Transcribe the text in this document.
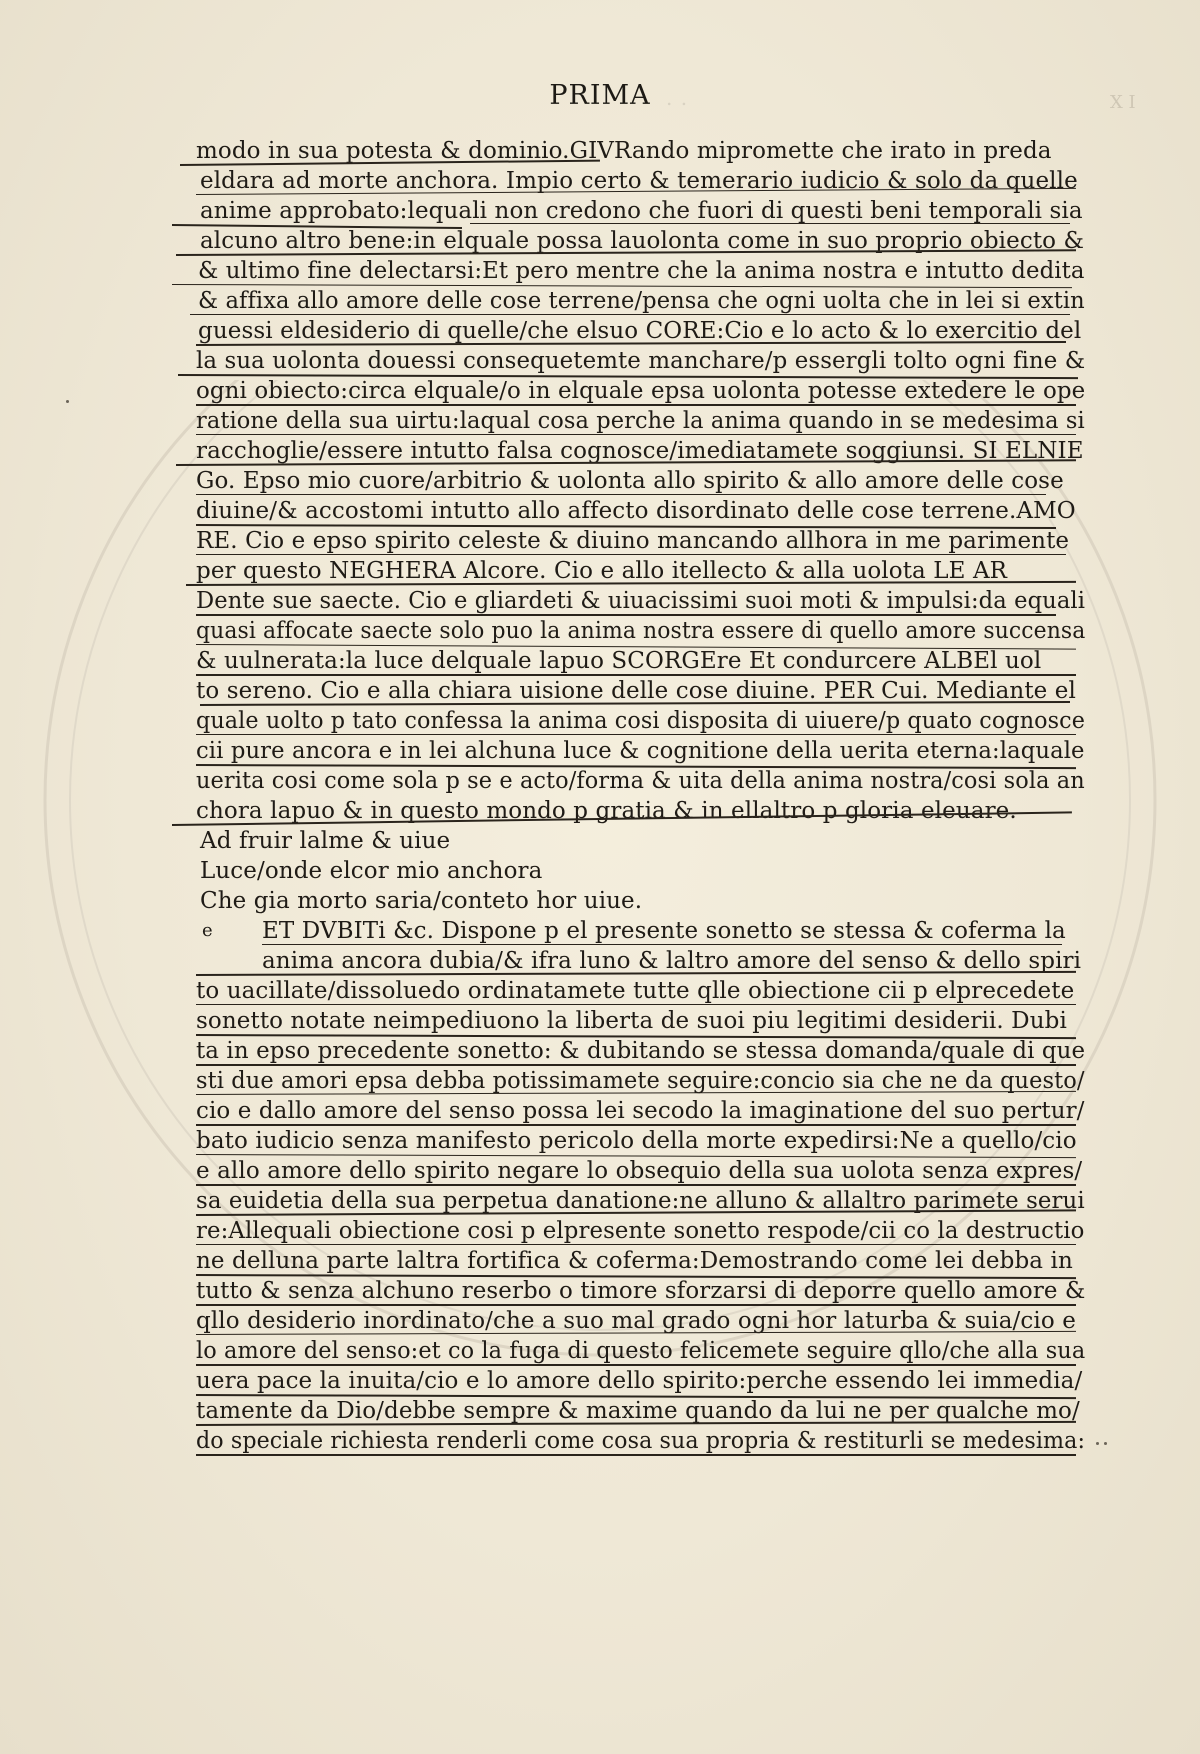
PRIMA . .	X I
modo in sua potesta & dominio.GIVRando mipromette che irato in preda
eldara ad morte anchora. Impio certo & temerario iudicio & solo da quelle
anime approbato:lequali non credono che fuori di questi beni temporali sia
alcuno altro bene:in elquale possa lauolonta come in suo proprio obiecto &
& ultimo fine delectarsi:Et pero mentre che la anima nostra e intutto dedita
& affixa allo amore delle cose terrene/pensa che ogni uolta che in lei si extin
guessi eldesiderio di quelle/che elsuo CORE:Cio e lo acto & lo exercitio del
la sua uolonta douessi consequetemte manchare/p essergli tolto ogni fine &
ogni obiecto:circa elquale/o in elquale epsa uolonta potesse extedere le ope
ratione della sua uirtu:laqual cosa perche la anima quando in se medesima si
racchoglie/essere intutto falsa cognosce/imediatamete soggiunsi. SI ELNIE
Go. Epso mio cuore/arbitrio & uolonta allo spirito & allo amore delle cose
diuine/& accostomi intutto allo affecto disordinato delle cose terrene.AMO
RE. Cio e epso spirito celeste & diuino mancando allhora in me parimente
per questo NEGHERA Alcore. Cio e allo itellecto & alla uolota LE AR
Dente sue saecte. Cio e gliardeti & uiuacissimi suoi moti & impulsi:da equali
quasi affocate saecte solo puo la anima nostra essere di quello amore succensa
& uulnerata:la luce delquale lapuo SCORGEre Et condurcere ALBEl uol
to sereno. Cio e alla chiara uisione delle cose diuine. PER Cui. Mediante el
quale uolto p tato confessa la anima cosi disposita di uiuere/p quato cognosce
cii pure ancora e in lei alchuna luce & cognitione della uerita eterna:laquale
uerita cosi come sola p se e acto/forma & uita della anima nostra/cosi sola an
chora lapuo & in questo mondo p gratia & in ellaltro p gloria eleuare.
Ad fruir lalme & uiue
Luce/onde elcor mio anchora
Che gia morto saria/conteto hor uiue.
e ET DVBITi &c. Dispone p el presente sonetto se stessa & coferma la
anima ancora dubia/& ifra luno & laltro amore del senso & dello spiri
to uacillate/dissoluedo ordinatamete tutte qlle obiectione cii p elprecedete
sonetto notate neimpediuono la liberta de suoi piu legitimi desiderii. Dubi
ta in epso precedente sonetto: & dubitando se stessa domanda/quale di que
sti due amori epsa debba potissimamete seguire:concio sia che ne da questo/
cio e dallo amore del senso possa lei secodo la imaginatione del suo pertur/
bato iudicio senza manifesto pericolo della morte expedirsi:Ne a quello/cio
e allo amore dello spirito negare lo obsequio della sua uolota senza expres/
sa euidetia della sua perpetua danatione:ne alluno & allaltro parimete serui
re:Allequali obiectione cosi p elpresente sonetto respode/cii co la destructio
ne delluna parte laltra fortifica & coferma:Demostrando come lei debba in
tutto & senza alchuno reserbo o timore sforzarsi di deporre quello amore &
qllo desiderio inordinato/che a suo mal grado ogni hor laturba & suia/cio e
lo amore del senso:et co la fuga di questo felicemete seguire qllo/che alla sua
uera pace la inuita/cio e lo amore dello spirito:perche essendo lei immedia/
tamente da Dio/debbe sempre & maxime quando da lui ne per qualche mo/
do speciale richiesta renderli come cosa sua propria & restiturli se medesima:
